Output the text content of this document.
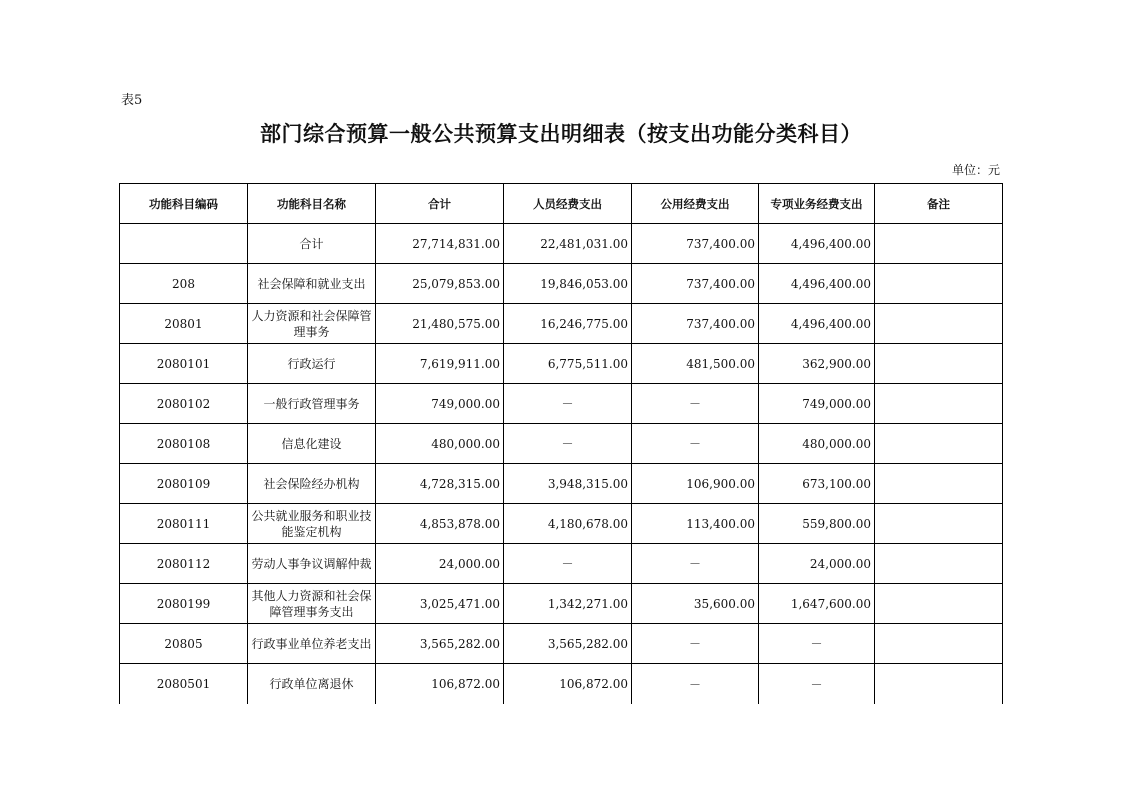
表5
部门综合预算一般公共预算支出明细表（按支出功能分类科目）
单位：元
功能科目编码	功能科目名称	合计	人员经费支出	公用经费支出	专项业务经费支出	备注
	合计	27,714,831.00	22,481,031.00	737,400.00	4,496,400.00	
208	社会保障和就业支出	25,079,853.00	19,846,053.00	737,400.00	4,496,400.00	
20801	人力资源和社会保障管理事务	21,480,575.00	16,246,775.00	737,400.00	4,496,400.00	
2080101	行政运行	7,619,911.00	6,775,511.00	481,500.00	362,900.00	
2080102	一般行政管理事务	749,000.00	－	－	749,000.00	
2080108	信息化建设	480,000.00	－	－	480,000.00	
2080109	社会保险经办机构	4,728,315.00	3,948,315.00	106,900.00	673,100.00	
2080111	公共就业服务和职业技能鉴定机构	4,853,878.00	4,180,678.00	113,400.00	559,800.00	
2080112	劳动人事争议调解仲裁	24,000.00	－	－	24,000.00	
2080199	其他人力资源和社会保障管理事务支出	3,025,471.00	1,342,271.00	35,600.00	1,647,600.00	
20805	行政事业单位养老支出	3,565,282.00	3,565,282.00	－	－	
2080501	行政单位离退休	106,872.00	106,872.00	－	－	
